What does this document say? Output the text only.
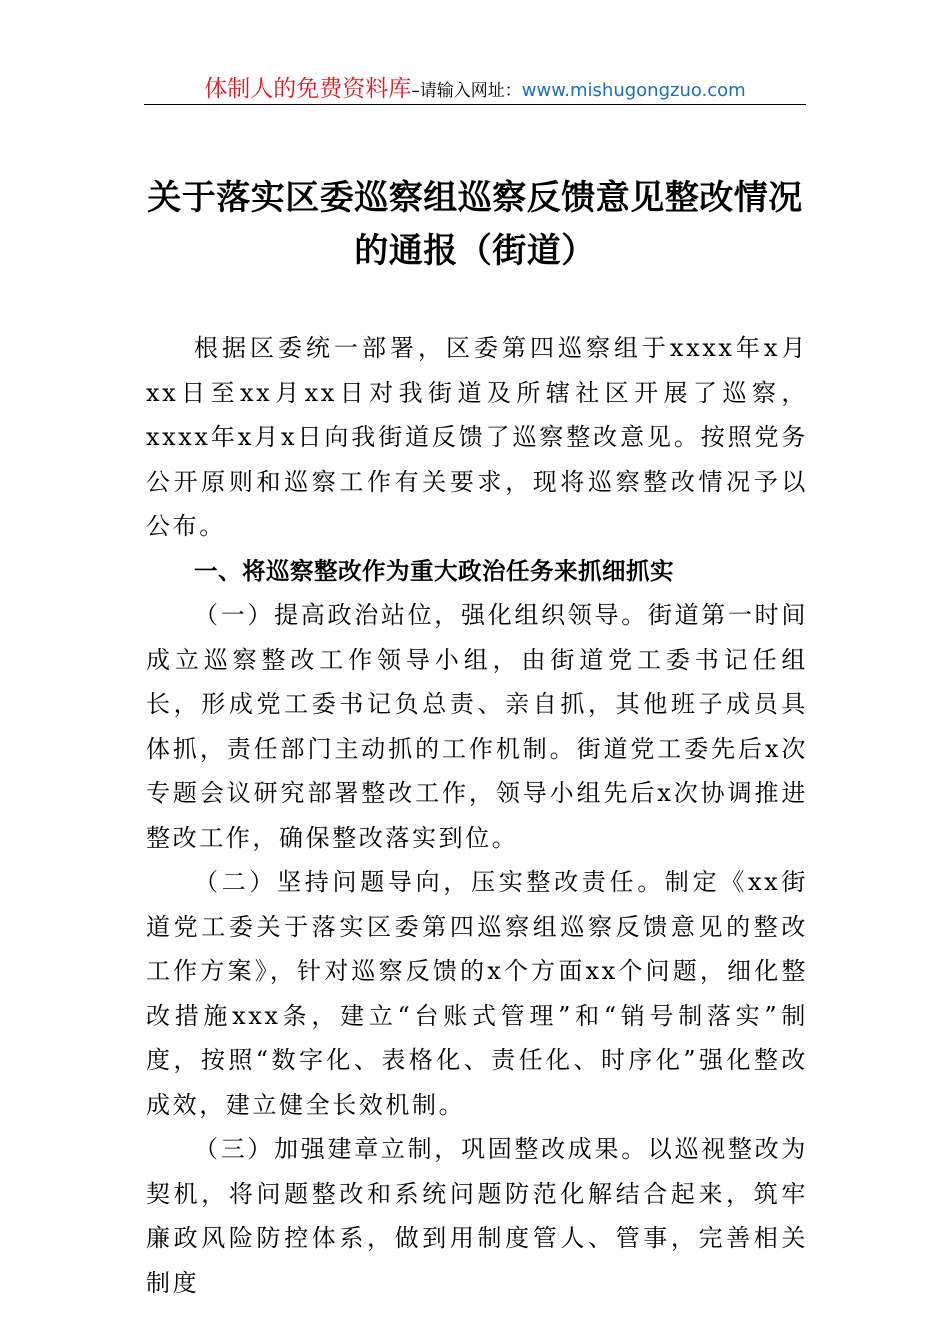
体制人的免费资料库–请输入网址：www.mishugongzuo.com
关于落实区委巡察组巡察反馈意见整改情况的通报（街道）

根据区委统一部署，区委第四巡察组于xxxx年x月xx日至xx月xx日对我街道及所辖社区开展了巡察，xxxx年x月x日向我街道反馈了巡察整改意见。按照党务公开原则和巡察工作有关要求，现将巡察整改情况予以公布。

一、将巡察整改作为重大政治任务来抓细抓实

（一）提高政治站位，强化组织领导。街道第一时间成立巡察整改工作领导小组，由街道党工委书记任组长，形成党工委书记负总责、亲自抓，其他班子成员具体抓，责任部门主动抓的工作机制。街道党工委先后x次专题会议研究部署整改工作，领导小组先后x次协调推进整改工作，确保整改落实到位。

（二）坚持问题导向，压实整改责任。制定《xx街道党工委关于落实区委第四巡察组巡察反馈意见的整改工作方案》，针对巡察反馈的x个方面xx个问题，细化整改措施xxx条，建立“台账式管理”和“销号制落实”制度，按照“数字化、表格化、责任化、时序化”强化整改成效，建立健全长效机制。

（三）加强建章立制，巩固整改成果。以巡视整改为契机，将问题整改和系统问题防范化解结合起来，筑牢廉政风险防控体系，做到用制度管人、管事，完善相关制度
